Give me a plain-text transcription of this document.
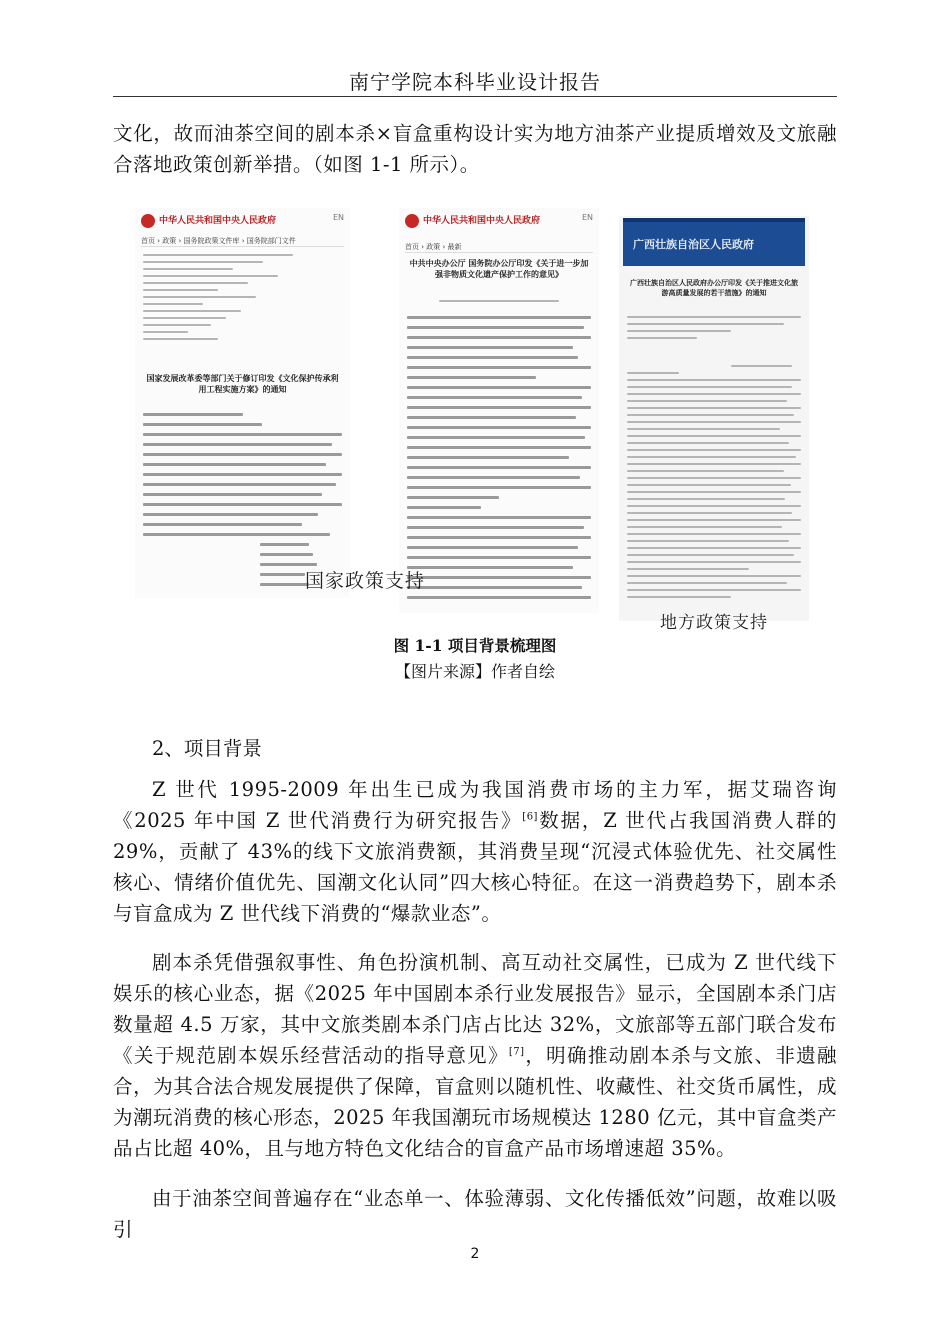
南宁学院本科毕业设计报告

文化，故而油茶空间的剧本杀×盲盒重构设计实为地方油茶产业提质增效及文旅融合落地政策创新举措。（如图 1-1 所示）。

中华人民共和国中央人民政府	EN
首页 › 政策 › 国务院政策文件库 › 国务院部门文件
国家发展改革委等部门关于修订印发《文化保护传承利用工程实施方案》的通知
中华人民共和国中央人民政府	EN
首页 › 政策 › 最新
中共中央办公厅 国务院办公厅印发《关于进一步加强非物质文化遗产保护工作的意见》
广西壮族自治区人民政府
广西壮族自治区人民政府办公厅印发《关于推进文化旅游高质量发展的若干措施》的通知
国家政策支持
地方政策支持
图 1-1 项目背景梳理图
【图片来源】作者自绘
2、项目背景

Z 世代 1995-2009 年出生已成为我国消费市场的主力军，据艾瑞咨询《2025 年中国 Z 世代消费行为研究报告》[6]数据，Z 世代占我国消费人群的 29%，贡献了 43%的线下文旅消费额，其消费呈现“沉浸式体验优先、社交属性核心、情绪价值优先、国潮文化认同”四大核心特征。在这一消费趋势下，剧本杀与盲盒成为 Z 世代线下消费的“爆款业态”。

剧本杀凭借强叙事性、角色扮演机制、高互动社交属性，已成为 Z 世代线下娱乐的核心业态，据《2025 年中国剧本杀行业发展报告》显示，全国剧本杀门店数量超 4.5 万家，其中文旅类剧本杀门店占比达 32%，文旅部等五部门联合发布《关于规范剧本娱乐经营活动的指导意见》[7]，明确推动剧本杀与文旅、非遗融合，为其合法合规发展提供了保障，盲盒则以随机性、收藏性、社交货币属性，成为潮玩消费的核心形态，2025 年我国潮玩市场规模达 1280 亿元，其中盲盒类产品占比超 40%，且与地方特色文化结合的盲盒产品市场增速超 35%。

由于油茶空间普遍存在“业态单一、体验薄弱、文化传播低效”问题，故难以吸引

2
